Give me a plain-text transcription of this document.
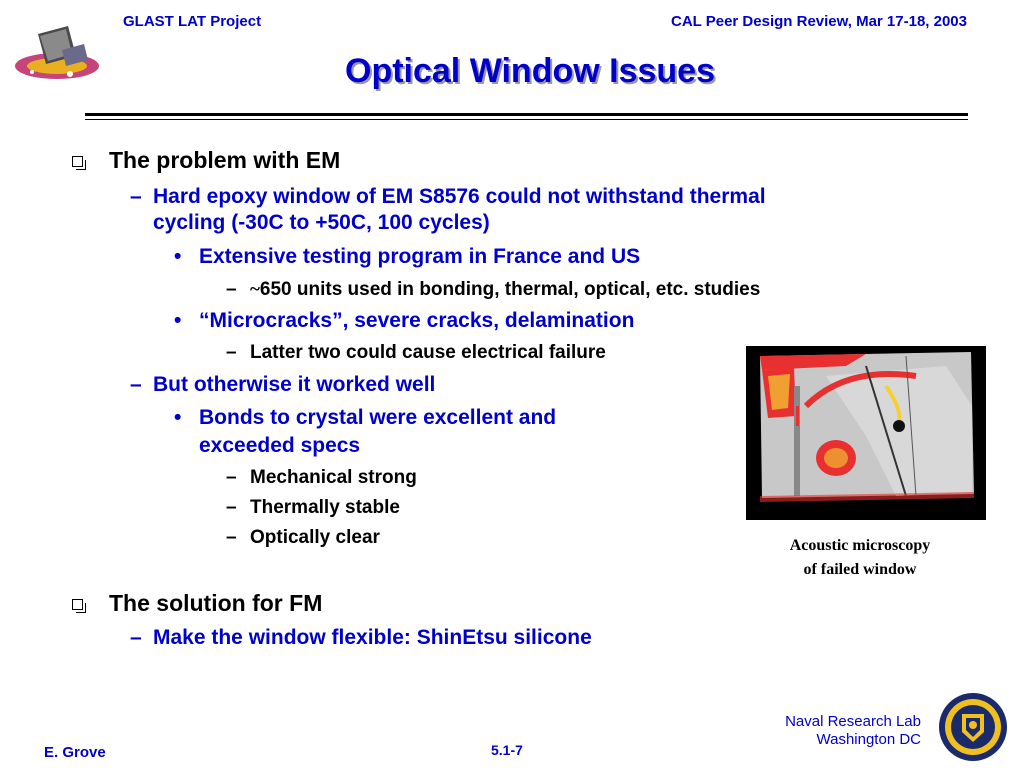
GLAST LAT Project	CAL Peer Design Review, Mar 17-18, 2003
Optical Window Issues
The problem with EM
– Hard epoxy window of EM S8576 could not withstand thermal
cycling (-30C to +50C, 100 cycles)
• Extensive testing program in France and US
– ~650 units used in bonding, thermal, optical, etc. studies
• “Microcracks”, severe cracks, delamination
– Latter two could cause electrical failure
– But otherwise it worked well
• Bonds to crystal were excellent and
exceeded specs
– Mechanical strong
– Thermally stable
– Optically clear
The solution for FM
– Make the window flexible: ShinEtsu silicone
Acoustic microscopy
of failed window
E. Grove	5.1-7
Naval Research Lab
Washington DC
